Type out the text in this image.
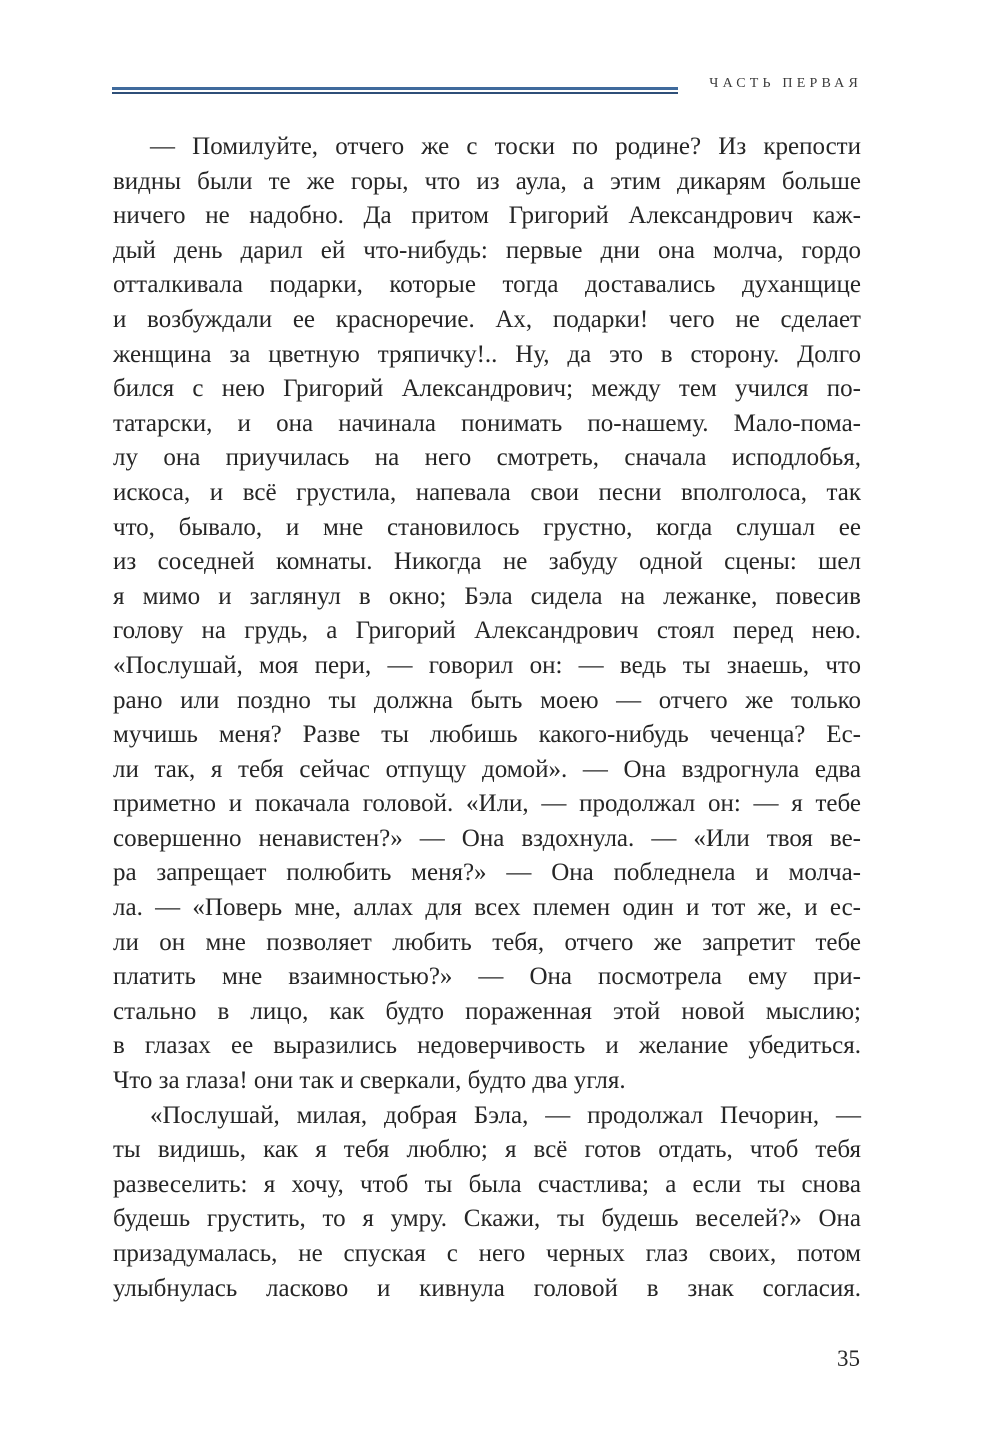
ЧАСТЬ ПЕРВАЯ
— Помилуйте, отчего же с тоски по родине? Из крепости
видны были те же горы, что из аула, а этим дикарям больше
ничего не надобно. Да притом Григорий Александрович каж-
дый день дарил ей что-нибудь: первые дни она молча, гордо
отталкивала подарки, которые тогда доставались духанщице
и возбуждали ее красноречие. Ах, подарки! чего не сделает
женщина за цветную тряпичку!.. Ну, да это в сторону. Долго
бился с нею Григорий Александрович; между тем учился по-
татарски, и она начинала понимать по-нашему. Мало-пома-
лу она приучилась на него смотреть, сначала исподлобья,
искоса, и всё грустила, напевала свои песни вполголоса, так
что, бывало, и мне становилось грустно, когда слушал ее
из соседней комнаты. Никогда не забуду одной сцены: шел
я мимо и заглянул в окно; Бэла сидела на лежанке, повесив
голову на грудь, а Григорий Александрович стоял перед нею.
«Послушай, моя пери, — говорил он: — ведь ты знаешь, что
рано или поздно ты должна быть моею — отчего же только
мучишь меня? Разве ты любишь какого-нибудь чеченца? Ес-
ли так, я тебя сейчас отпущу домой». — Она вздрогнула едва
приметно и покачала головой. «Или, — продолжал он: — я тебе
совершенно ненавистен?» — Она вздохнула. — «Или твоя ве-
ра запрещает полюбить меня?» — Она побледнела и молча-
ла. — «Поверь мне, аллах для всех племен один и тот же, и ес-
ли он мне позволяет любить тебя, отчего же запретит тебе
платить мне взаимностью?» — Она посмотрела ему при-
стально в лицо, как будто пораженная этой новой мыслию;
в глазах ее выразились недоверчивость и желание убедиться.
Что за глаза! они так и сверкали, будто два угля.
«Послушай, милая, добрая Бэла, — продолжал Печорин, —
ты видишь, как я тебя люблю; я всё готов отдать, чтоб тебя
развеселить: я хочу, чтоб ты была счастлива; а если ты снова
будешь грустить, то я умру. Скажи, ты будешь веселей?» Она
призадумалась, не спуская с него черных глаз своих, потом
улыбнулась ласково и кивнула головой в знак согласия.
35
